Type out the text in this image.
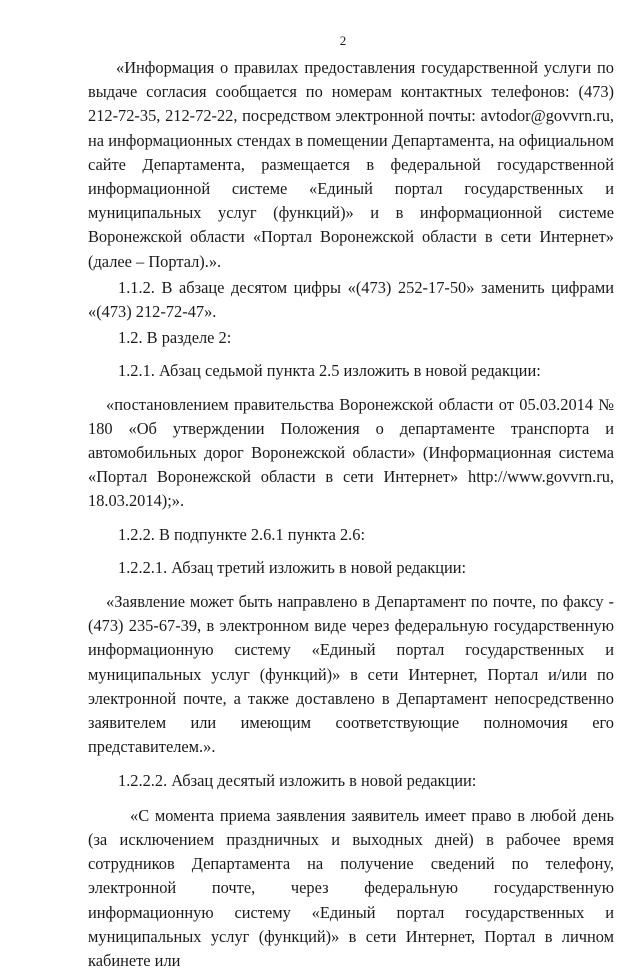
2

«Информация о правилах предоставления государственной услуги по выдаче согласия сообщается по номерам контактных телефонов: (473) 212-72-35, 212-72-22, посредством электронной почты: avtodor@govvrn.ru, на информационных стендах в помещении Департамента, на официальном сайте Департамента, размещается в федеральной государственной информационной системе «Единый портал государственных и муниципальных услуг (функций)» и в информационной системе Воронежской области «Портал Воронежской области в сети Интернет» (далее – Портал).».

1.1.2. В абзаце десятом цифры «(473) 252-17-50» заменить цифрами «(473) 212-72-47».

1.2. В разделе 2:

1.2.1. Абзац седьмой пункта 2.5 изложить в новой редакции:

«постановлением правительства Воронежской области от 05.03.2014 № 180 «Об утверждении Положения о департаменте транспорта и автомобильных дорог Воронежской области» (Информационная система «Портал Воронежской области в сети Интернет» http://www.govvrn.ru, 18.03.2014);».

1.2.2. В подпункте 2.6.1 пункта 2.6:

1.2.2.1. Абзац третий изложить в новой редакции:

«Заявление может быть направлено в Департамент по почте, по факсу - (473) 235-67-39, в электронном виде через федеральную государственную информационную систему «Единый портал государственных и муниципальных услуг (функций)» в сети Интернет, Портал и/или по электронной почте, а также доставлено в Департамент непосредственно заявителем или имеющим соответствующие полномочия его представителем.».

1.2.2.2. Абзац десятый изложить в новой редакции:

«С момента приема заявления заявитель имеет право в любой день (за исключением праздничных и выходных дней) в рабочее время сотрудников Департамента на получение сведений по телефону, электронной почте, через федеральную государственную информационную систему «Единый портал государственных и муниципальных услуг (функций)» в сети Интернет, Портал в личном кабинете или
